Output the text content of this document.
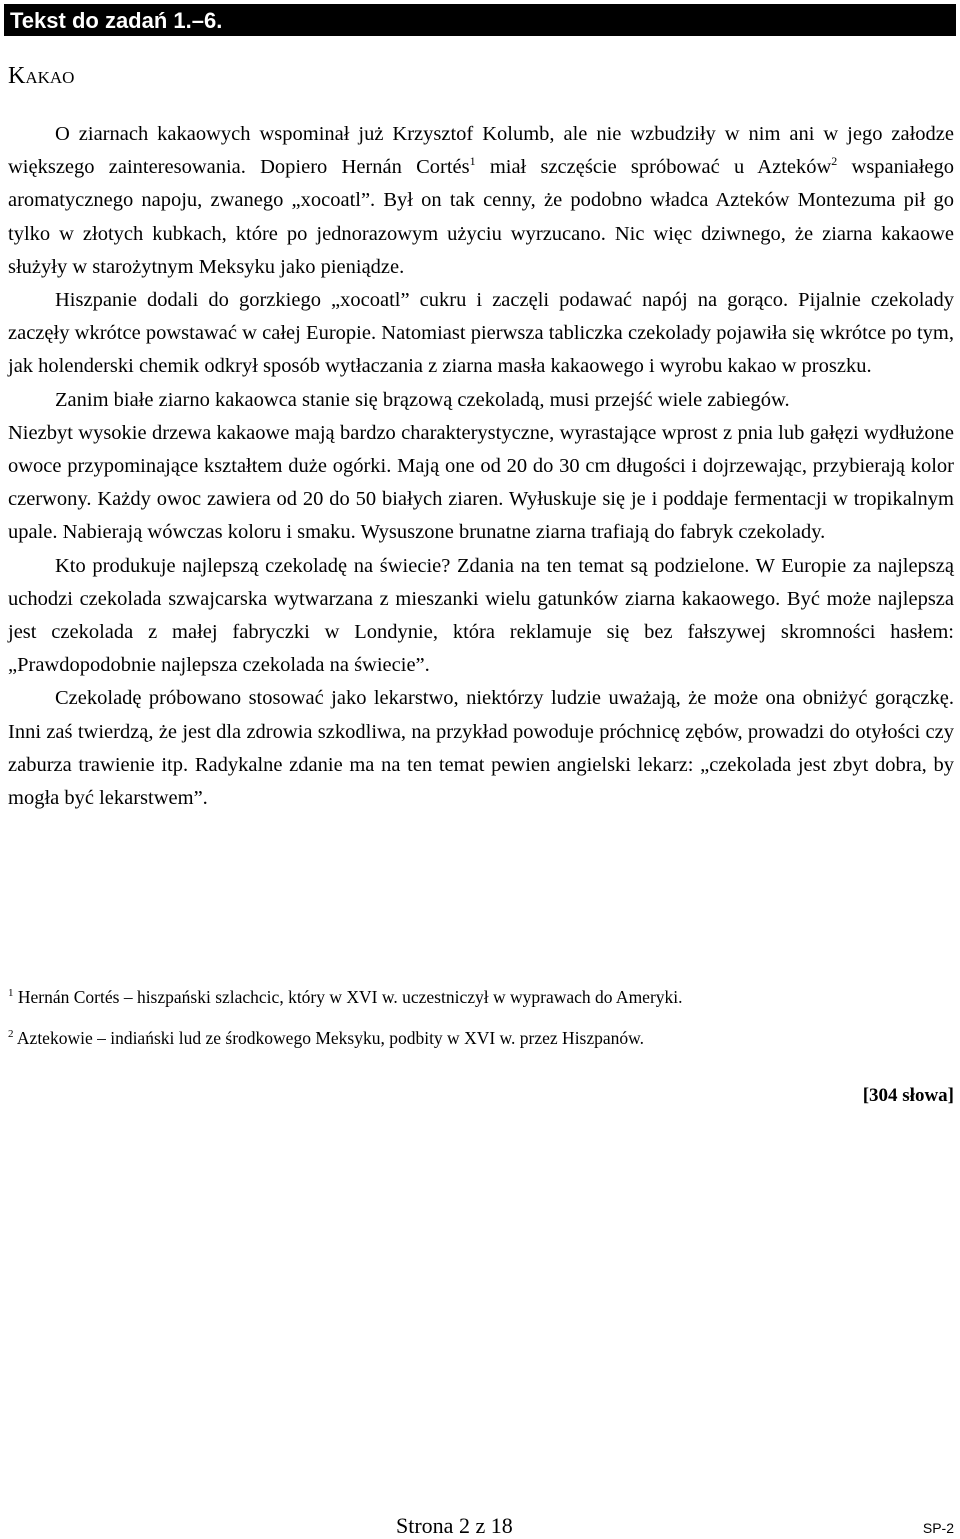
Tekst do zadań 1.–6.
KAKAO

O ziarnach kakaowych wspominał już Krzysztof Kolumb, ale nie wzbudziły w nim ani w jego załodze większego zainteresowania. Dopiero Hernán Cortés$^1$ miał szczęście spróbować u Azteków$^2$ wspaniałego aromatycznego napoju, zwanego „xocoatl”. Był on tak cenny, że podobno władca Azteków Montezuma pił go tylko w złotych kubkach, które po jednorazowym użyciu wyrzucano. Nic więc dziwnego, że ziarna kakaowe służyły w starożytnym Meksyku jako pieniądze.

Hiszpanie dodali do gorzkiego „xocoatl” cukru i zaczęli podawać napój na gorąco. Pijalnie czekolady zaczęły wkrótce powstawać w całej Europie. Natomiast pierwsza tabliczka czekolady pojawiła się wkrótce po tym, jak holenderski chemik odkrył sposób wytłaczania z ziarna masła kakaowego i wyrobu kakao w proszku.

Zanim białe ziarno kakaowca stanie się brązową czekoladą, musi przejść wiele zabiegów.

Niezbyt wysokie drzewa kakaowe mają bardzo charakterystyczne, wyrastające wprost z pnia lub gałęzi wydłużone owoce przypominające kształtem duże ogórki. Mają one od 20 do 30 cm długości i dojrzewając, przybierają kolor czerwony. Każdy owoc zawiera od 20 do 50 białych ziaren. Wyłuskuje się je i poddaje fermentacji w tropikalnym upale. Nabierają wówczas koloru i smaku. Wysuszone brunatne ziarna trafiają do fabryk czekolady.

Kto produkuje najlepszą czekoladę na świecie? Zdania na ten temat są podzielone. W Europie za najlepszą uchodzi czekolada szwajcarska wytwarzana z mieszanki wielu gatunków ziarna kakaowego. Być może najlepsza jest czekolada z małej fabryczki w Londynie, która reklamuje się bez fałszywej skromności hasłem: „Prawdopodobnie najlepsza czekolada na świecie”.

Czekoladę próbowano stosować jako lekarstwo, niektórzy ludzie uważają, że może ona obniżyć gorączkę. Inni zaś twierdzą, że jest dla zdrowia szkodliwa, na przykład powoduje próchnicę zębów, prowadzi do otyłości czy zaburza trawienie itp. Radykalne zdanie ma na ten temat pewien angielski lekarz: „czekolada jest zbyt dobra, by mogła być lekarstwem”.

$^1$ Hernán Cortés – hiszpański szlachcic, który w XVI w. uczestniczył w wyprawach do Ameryki.

$^2$ Aztekowie – indiański lud ze środkowego Meksyku, podbity w XVI w. przez Hiszpanów.

[304 słowa]
Strona 2 z 18	SP-2
